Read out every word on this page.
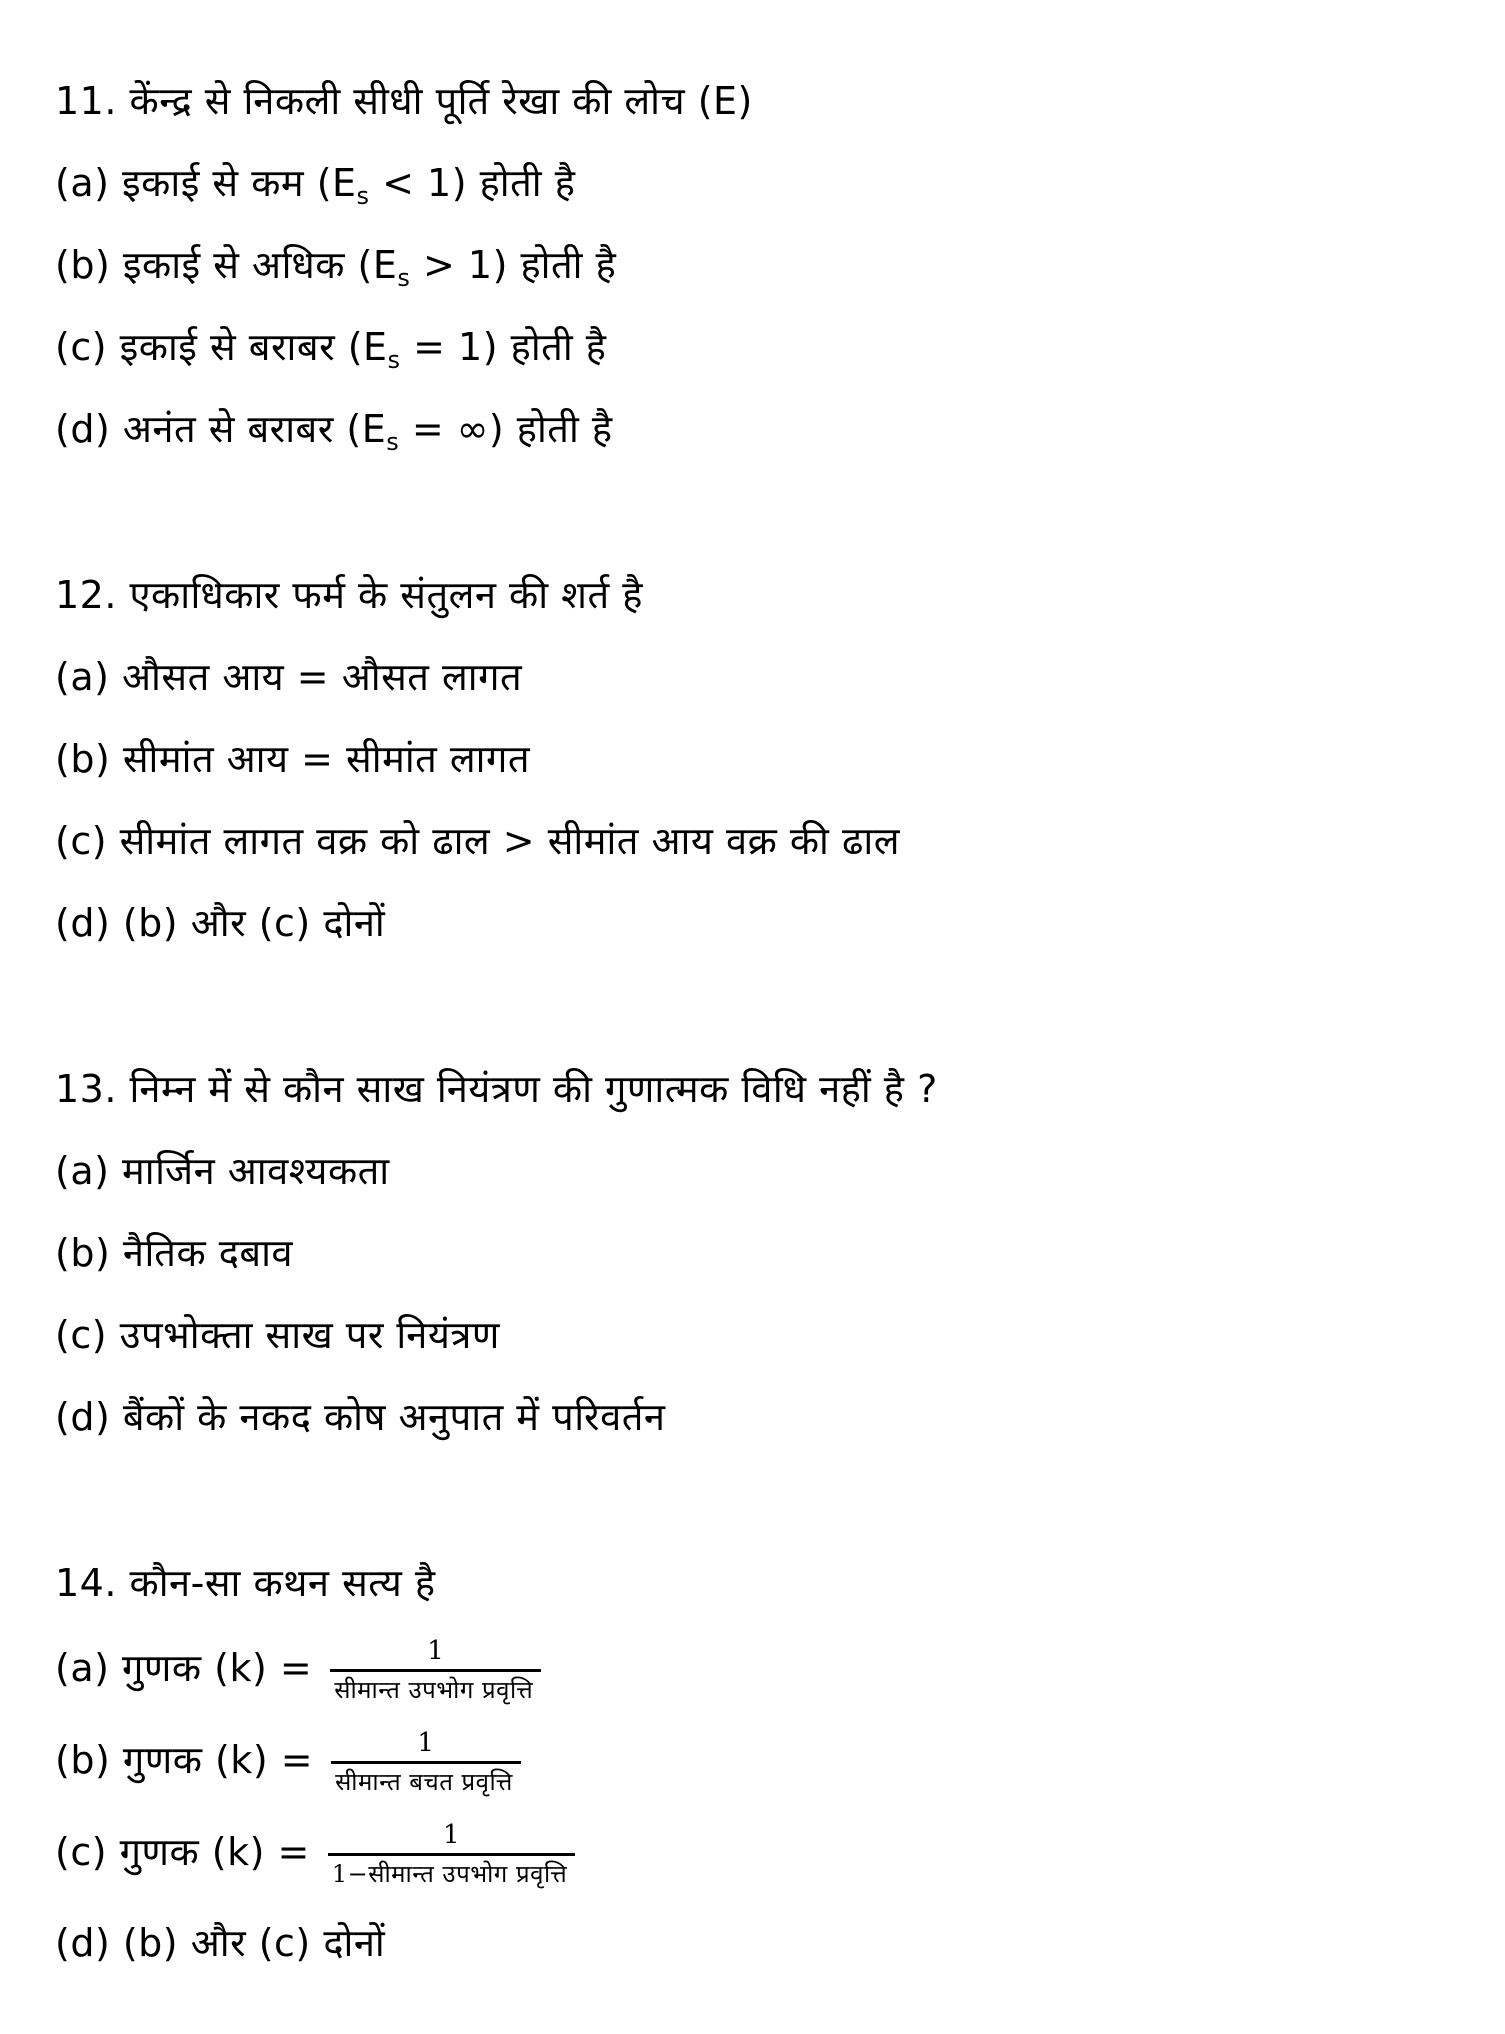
11. केंन्द्र से निकली सीधी पूर्ति रेखा की लोच (E)
(a) इकाई से कम $(E_s < 1)$ होती है
(b) इकाई से अधिक $(E_s > 1)$ होती है
(c) इकाई से बराबर $(E_s = 1)$ होती है
(d) अनंत से बराबर ($E_s$ = ∞) होती है
12. एकाधिकार फर्म के संतुलन की शर्त है
(a) औसत आय = औसत लागत
(b) सीमांत आय = सीमांत लागत
(c) सीमांत लागत वक्र को ढाल > सीमांत आय वक्र की ढाल
(d) (b) और (c) दोनों
13. निम्न में से कौन साख नियंत्रण की गुणात्मक विधि नहीं है ?
(a) मार्जिन आवश्यकता
(b) नैतिक दबाव
(c) उपभोक्ता साख पर नियंत्रण
(d) बैंकों के नकद कोष अनुपात में परिवर्तन
14. कौन-सा कथन सत्य है
(a) गुणक $(k) = \frac{1}{\text{सीमान्त उपभोग प्रवृत्ति}}$
(b) गुणक $(k) = \frac{1}{\text{सीमान्त बचत प्रवृत्ति}}$
(c) गुणक $(k) = \frac{1}{\text{1−सीमान्त उपभोग प्रवृत्ति}}$
(d) (b) और (c) दोनों
